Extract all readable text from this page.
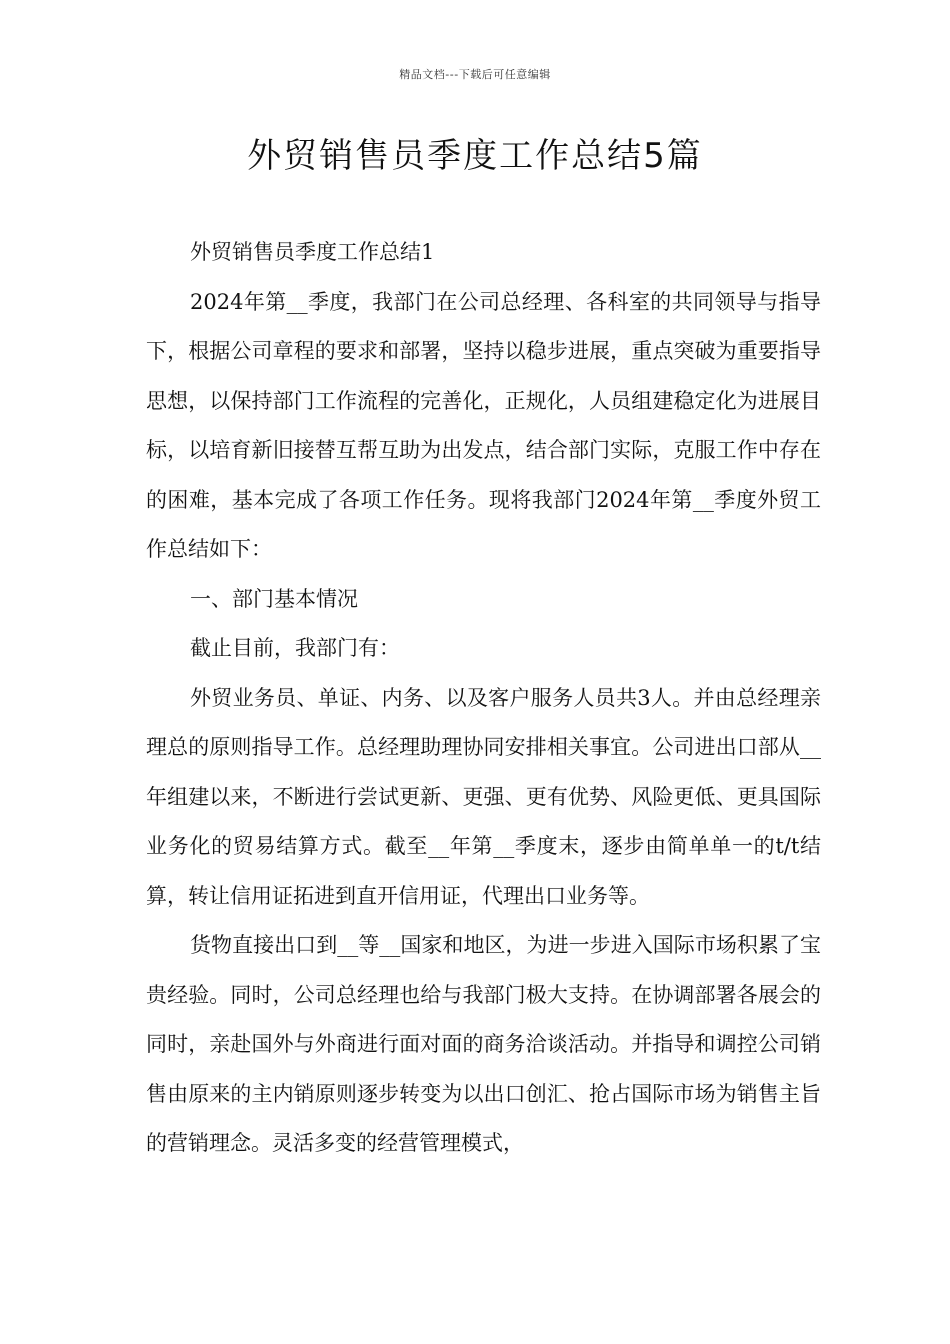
精品文档---下载后可任意编辑
外贸销售员季度工作总结5篇

外贸销售员季度工作总结1

2024年第__季度，我部门在公司总经理、各科室的共同领导与指导下，根据公司章程的要求和部署，坚持以稳步进展，重点突破为重要指导思想，以保持部门工作流程的完善化，正规化，人员组建稳定化为进展目标，以培育新旧接替互帮互助为出发点，结合部门实际，克服工作中存在的困难，基本完成了各项工作任务。现将我部门2024年第__季度外贸工作总结如下：

一、部门基本情况

截止目前，我部门有：

外贸业务员、单证、内务、以及客户服务人员共3人。并由总经理亲理总的原则指导工作。总经理助理协同安排相关事宜。公司进出口部从__年组建以来，不断进行尝试更新、更强、更有优势、风险更低、更具国际业务化的贸易结算方式。截至__年第__季度末，逐步由简单单一的t/t结算，转让信用证拓进到直开信用证，代理出口业务等。

货物直接出口到__等__国家和地区，为进一步进入国际市场积累了宝贵经验。同时，公司总经理也给与我部门极大支持。在协调部署各展会的同时，亲赴国外与外商进行面对面的商务洽谈活动。并指导和调控公司销售由原来的主内销原则逐步转变为以出口创汇、抢占国际市场为销售主旨的营销理念。灵活多变的经营管理模式，
